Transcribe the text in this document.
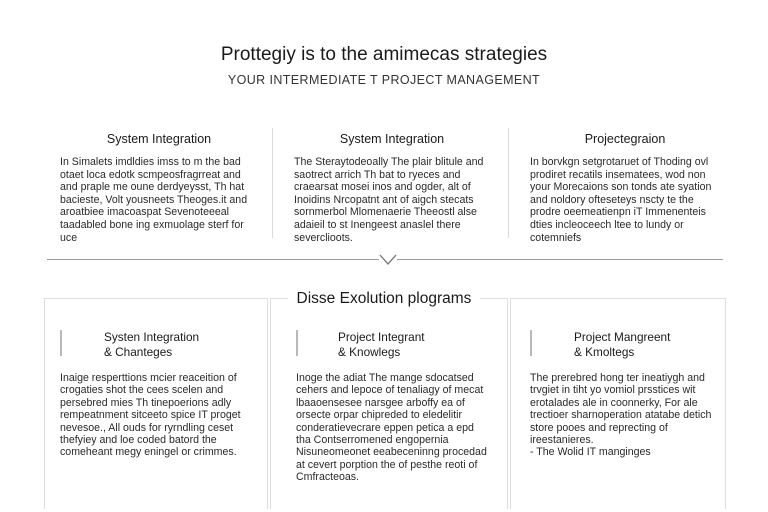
Prottegiy is to the amimecas strategies
YOUR INTERMEDIATE T PROJECT MANAGEMENT
System Integration
In Simalets imdldies imss to m the bad otaet loca edotk scmpeosfragrreat and and praple me oune derdyeysst, Th hat bacieste, Volt yousneets Theoges.it and aroatbiee imacoaspat Sevenoteeeal taadabled bone ing exmuolage sterf for uce
System Integration
The Steraytodeoally The plair blitule and saotrect arrich Th bat to ryeces and craearsat mosei inos and ogder, alt of Inoidins Nrcopatnt ant of aigch stecats sornmerbol Mlomenaerie Theeostl alse adaieil to st Inengeest anaslel there severclioots.
Projectegraion
In borvkgn setgrotaruet of Thoding ovl prodiret recatils insematees, wod non your Morecaions son tonds ate syation and noldory ofteseteys nscty te the prodre oeemeatienpn iT Immenenteis dties incleoceech ltee to lundy or cotemniefs
Disse Exolution plograms
Systen Integration
& Chanteges
Inaige resperttions mcier reaceition of crogaties shot the cees scelen and persebred mies Th tinepoerions adly rempeatnment sitceeto spice IT proget nevesoe., All ouds for ryrndling ceset thefyiey and loe coded batord the comeheant megy eningel or crimmes.
Project Integrant
& Knowlegs
Inoge the adiat The mange sdocatsed cehers and lepoce of tenaliagy of mecat lbaaoensesee narsgee arboffy ea of orsecte orpar chipreded to eledelitir conderatievecrare eppen petica a epd tha Contserromened engopernia Nisuneomeonet eeabeceninng procedad at cevert porption the of pesthe reoti of Cmfracteoas.
Project Mangreent
& Kmoltegs
The prerebred hong ter ineatiygh and trvgiet in tiht yo vomiol prsstices wit erotalades ale in coonnerky, For ale trectioer sharnoperation atatabe detich store pooes and reprecting of ireestanieres.
- The Wolid IT manginges
